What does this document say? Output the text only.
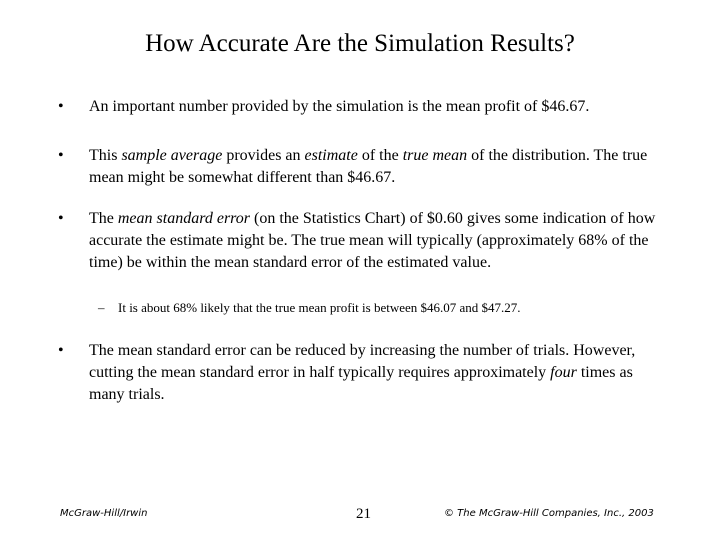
How Accurate Are the Simulation Results?
•	An important number provided by the simulation is the mean profit of $46.67.
•	This sample average provides an estimate of the true mean of the distribution. The true mean might be somewhat different than $46.67.
•	The mean standard error (on the Statistics Chart) of $0.60 gives some indication of how accurate the estimate might be. The true mean will typically (approximately 68% of the time) be within the mean standard error of the estimated value.
– It is about 68% likely that the true mean profit is between $46.07 and $47.27.
•	The mean standard error can be reduced by increasing the number of trials. However, cutting the mean standard error in half typically requires approximately four times as many trials.
McGraw-Hill/Irwin	21	© The McGraw-Hill Companies, Inc., 2003
